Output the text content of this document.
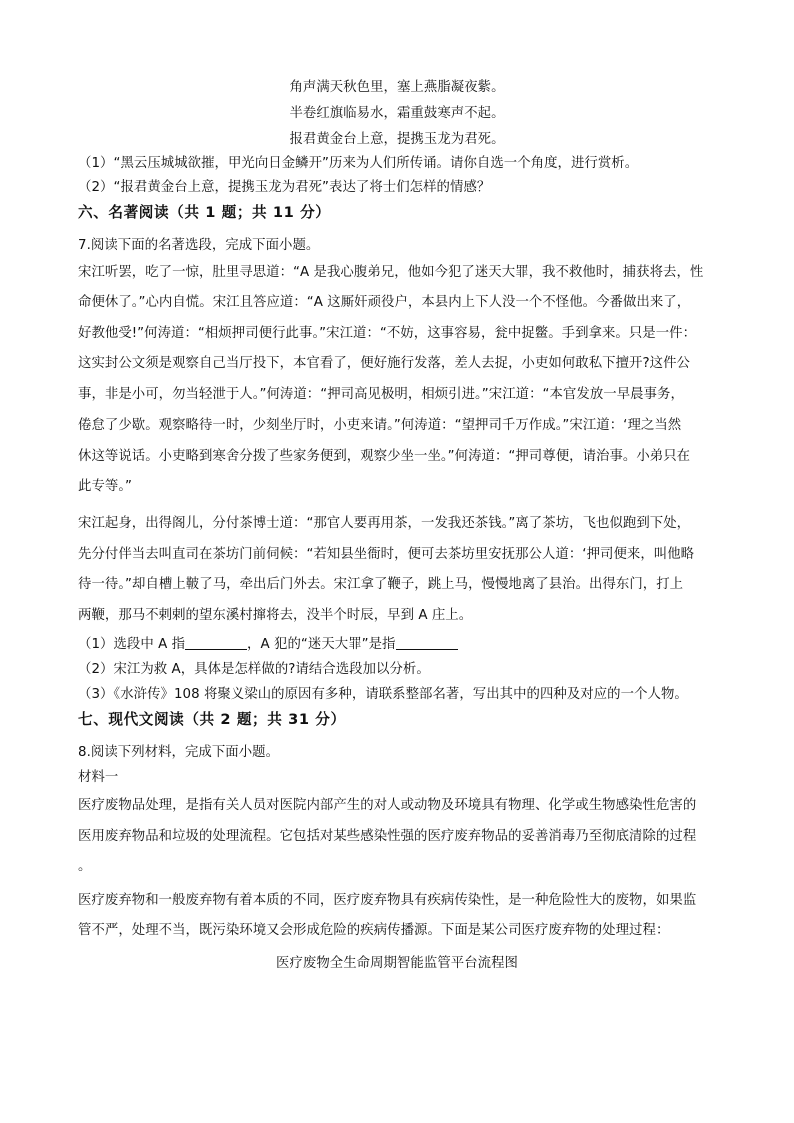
角声满天秋色里，塞上燕脂凝夜紫。
半卷红旗临易水，霜重鼓寒声不起。
报君黄金台上意，提携玉龙为君死。
（1）“黑云压城城欲摧，甲光向日金鳞开”历来为人们所传诵。请你自选一个角度，进行赏析。
（2）“报君黄金台上意，提携玉龙为君死”表达了将士们怎样的情感？
六、名著阅读（共 1 题；共 11 分）
7.阅读下面的名著选段，完成下面小题。
宋江听罢，吃了一惊，肚里寻思道：“A 是我心腹弟兄，他如今犯了迷天大罪，我不救他时，捕获将去，性
命便休了。”心内自慌。宋江且答应道：“A 这厮奸顽役户，本县内上下人没一个不怪他。今番做出来了，
好教他受!”何涛道：“相烦押司便行此事。”宋江道：“不妨，这事容易，瓮中捉鳖。手到拿来。只是一件：
这实封公文须是观察自己当厅投下，本官看了，便好施行发落，差人去捉，小吏如何敢私下擅开?这件公
事，非是小可，勿当轻泄于人。”何涛道：“押司高见极明，相烦引进。”宋江道：“本官发放一早晨事务，
倦怠了少歇。观察略待一时，少刻坐厅时，小吏来请。”何涛道：“望押司千万作成。”宋江道：‘理之当然
休这等说话。小吏略到寒舍分拨了些家务便到，观察少坐一坐。”何涛道：“押司尊便，请治事。小弟只在
此专等。”
宋江起身，出得阁儿，分付茶博士道：“那官人要再用茶，一发我还茶钱。”离了茶坊，飞也似跑到下处，
先分付伴当去叫直司在茶坊门前伺候：“若知县坐衙时，便可去茶坊里安抚那公人道：‘押司便来，叫他略
待一待。”却自槽上鞁了马，牵出后门外去。宋江拿了鞭子，跳上马，慢慢地离了县治。出得东门，打上
两鞭，那马不剌剌的望东溪村撺将去，没半个时辰，早到 A 庄上。
（1）选段中 A 指	，A 犯的“迷天大罪”是指
（2）宋江为救 A，具体是怎样做的?请结合选段加以分析。
（3）《水浒传》108 将聚义梁山的原因有多种，请联系整部名著，写出其中的四种及对应的一个人物。
七、现代文阅读（共 2 题；共 31 分）
8.阅读下列材料，完成下面小题。
材料一
医疗废物品处理，是指有关人员对医院内部产生的对人或动物及环境具有物理、化学或生物感染性危害的
医用废弃物品和垃圾的处理流程。它包括对某些感染性强的医疗废弃物品的妥善消毒乃至彻底清除的过程
。
医疗废弃物和一般废弃物有着本质的不同，医疗废弃物具有疾病传染性，是一种危险性大的废物，如果监
管不严，处理不当，既污染环境又会形成危险的疾病传播源。下面是某公司医疗废弃物的处理过程：
医疗废物全生命周期智能监管平台流程图
